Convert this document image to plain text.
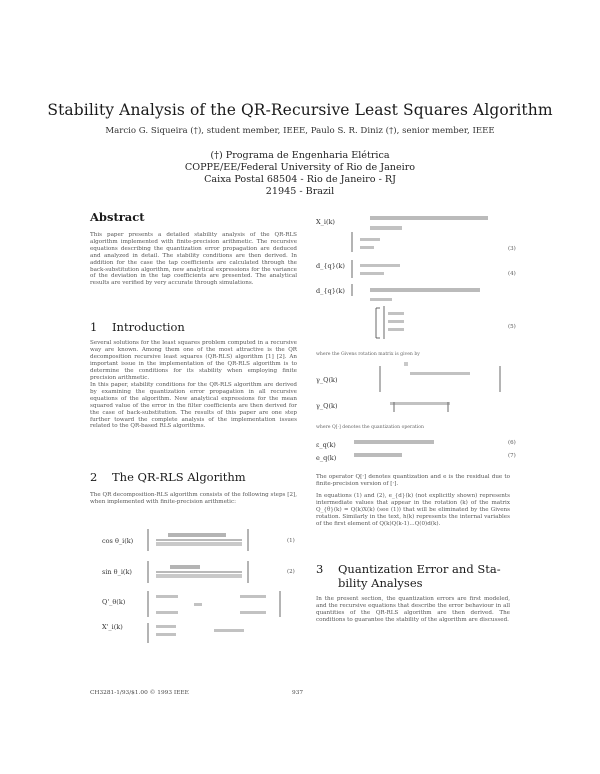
Stability Analysis of the QR-Recursive Least Squares Algorithm
Marcio G. Siqueira (†), student member, IEEE, Paulo S. R. Diniz (†), senior member, IEEE
(†) Programa de Engenharia Elétrica
COPPE/EE/Federal University of Rio de Janeiro
Caixa Postal 68504 - Rio de Janeiro - RJ
21945 - Brazil
Abstract
This paper presents a detailed stability analysis of the QR-RLS algorithm implemented with finite-precision arithmetic. The recursive equations describing the quantization error propagation are deduced and analyzed in detail. The stability conditions are then derived. In addition for the case the tap coefficients are calculated through the back-substitution algorithm, new analytical expressions for the variance of the deviation in the tap coefficients are presented. The analytical results are verified by very accurate through simulations.
1 Introduction
Several solutions for the least squares problem computed in a recursive way are known. Among them one of the most attractive is the QR decomposition recursive least squares (QR-RLS) algorithm [1] [2]. An important issue in the implementation of the QR-RLS algorithm is to determine the conditions for its stability when employing finite precision arithmetic.
In this paper, stability conditions for the QR-RLS algorithm are derived by examining the quantization error propagation in all recursive equations of the algorithm. New analytical expressions for the mean squared value of the error in the filter coefficients are then derived for the case of back-substitution. The results of this paper are one step further toward the complete analysis of the implementation issues related to the QR-based RLS algorithms.
2 The QR-RLS Algorithm
The QR decomposition-RLS algorithm consists of the following steps [2], when implemented with finite-precision arithmetic:
cos θ_i(k)
sin θ_i(k)
Q'_θ(k)
X'_i(k)
(1)
(2)
X_i(k)
d_{q}(k)
d_{q}(k)
γ_Q(k)
γ_Q(k)
ε_q(k)
e_q(k)
where the Givens rotation matrix is given by
where Q[·] denotes the quantization operation
(3)
(4)
(5)
(6)
(7)
The operator Q[·] denotes quantization and e is the residual due to finite-precision version of [·].
In equations (1) and (2), e_{d}(k) (not explicitly shown) represents intermediate values that appear in the rotation (k) of the matrix Q_{θ}(k) = Q(k)X(k) (see (1)) that will be eliminated by the Givens rotation. Similarly in the text, h(k) represents the internal variables of the first element of Q(k)Q(k-1)...Q(0)d(k).
3 Quantization Error and Sta-
bility Analyses
In the present section, the quantization errors are first modeled, and the recursive equations that describe the error behaviour in all quantities of the QR-RLS algorithm are then derived. The conditions to guarantee the stability of the algorithm are discussed.
CH3281-1/93/$1.00 © 1993 IEEE	937
